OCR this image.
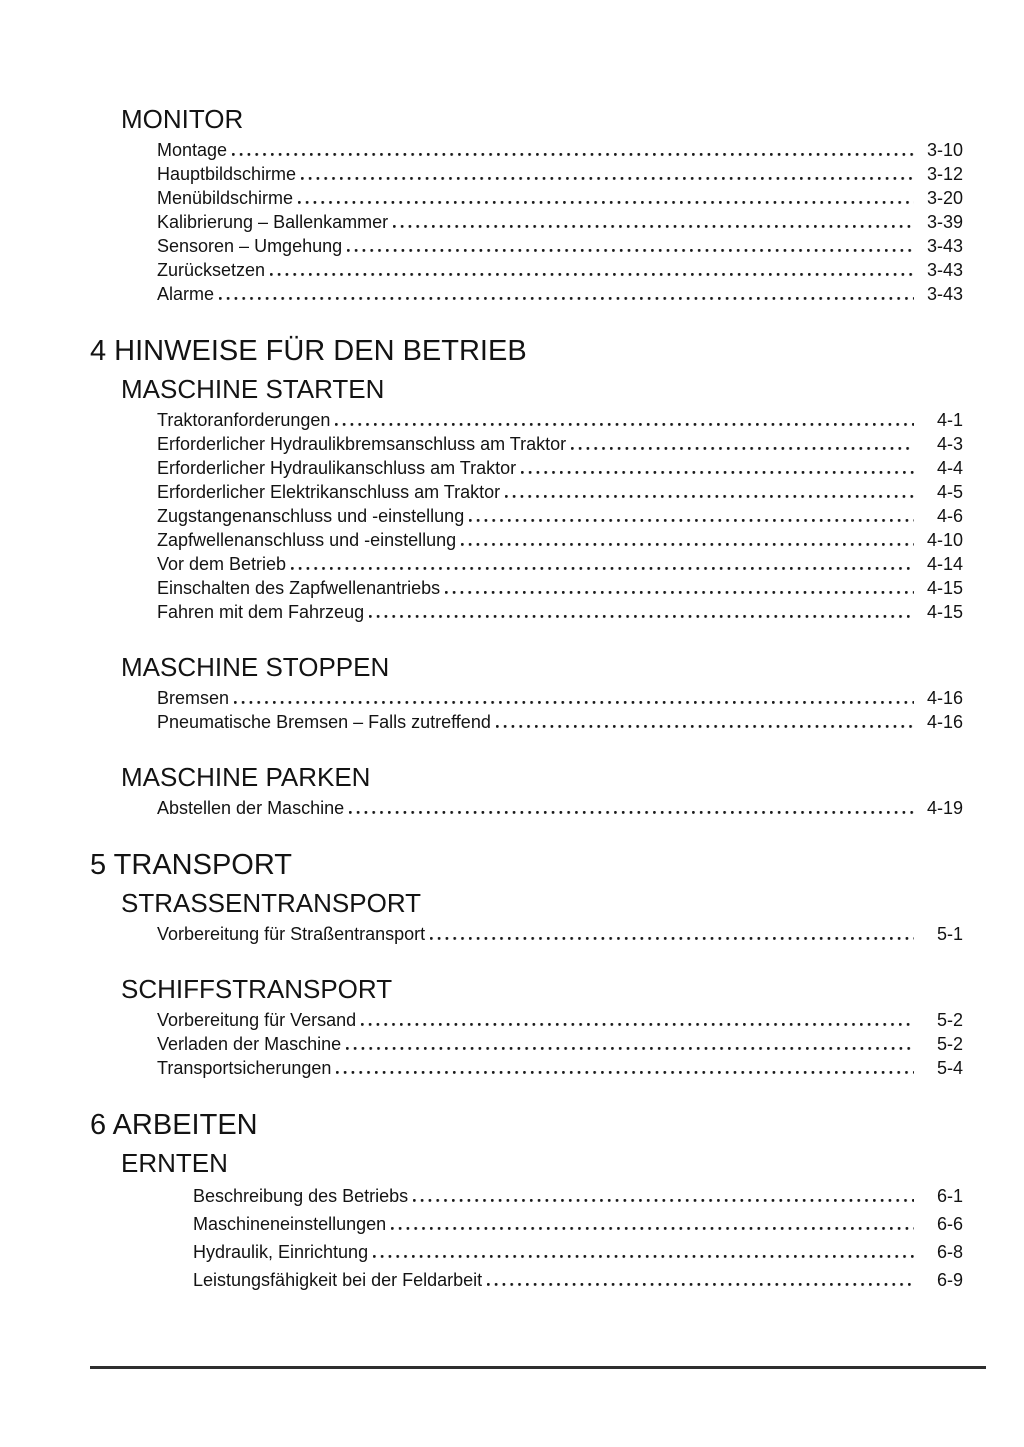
MONITOR
Montage	3-10
Hauptbildschirme	3-12
Menübildschirme	3-20
Kalibrierung – Ballenkammer	3-39
Sensoren – Umgehung	3-43
Zurücksetzen	3-43
Alarme	3-43
4 HINWEISE FÜR DEN BETRIEB
MASCHINE STARTEN
Traktoranforderungen	4-1
Erforderlicher Hydraulikbremsanschluss am Traktor	4-3
Erforderlicher Hydraulikanschluss am Traktor	4-4
Erforderlicher Elektrikanschluss am Traktor	4-5
Zugstangenanschluss und -einstellung	4-6
Zapfwellenanschluss und -einstellung	4-10
Vor dem Betrieb	4-14
Einschalten des Zapfwellenantriebs	4-15
Fahren mit dem Fahrzeug	4-15
MASCHINE STOPPEN
Bremsen	4-16
Pneumatische Bremsen – Falls zutreffend	4-16
MASCHINE PARKEN
Abstellen der Maschine	4-19
5 TRANSPORT
STRASSENTRANSPORT
Vorbereitung für Straßentransport	5-1
SCHIFFSTRANSPORT
Vorbereitung für Versand	5-2
Verladen der Maschine	5-2
Transportsicherungen	5-4
6 ARBEITEN
ERNTEN
Beschreibung des Betriebs	6-1
Maschineneinstellungen	6-6
Hydraulik, Einrichtung	6-8
Leistungsfähigkeit bei der Feldarbeit	6-9
